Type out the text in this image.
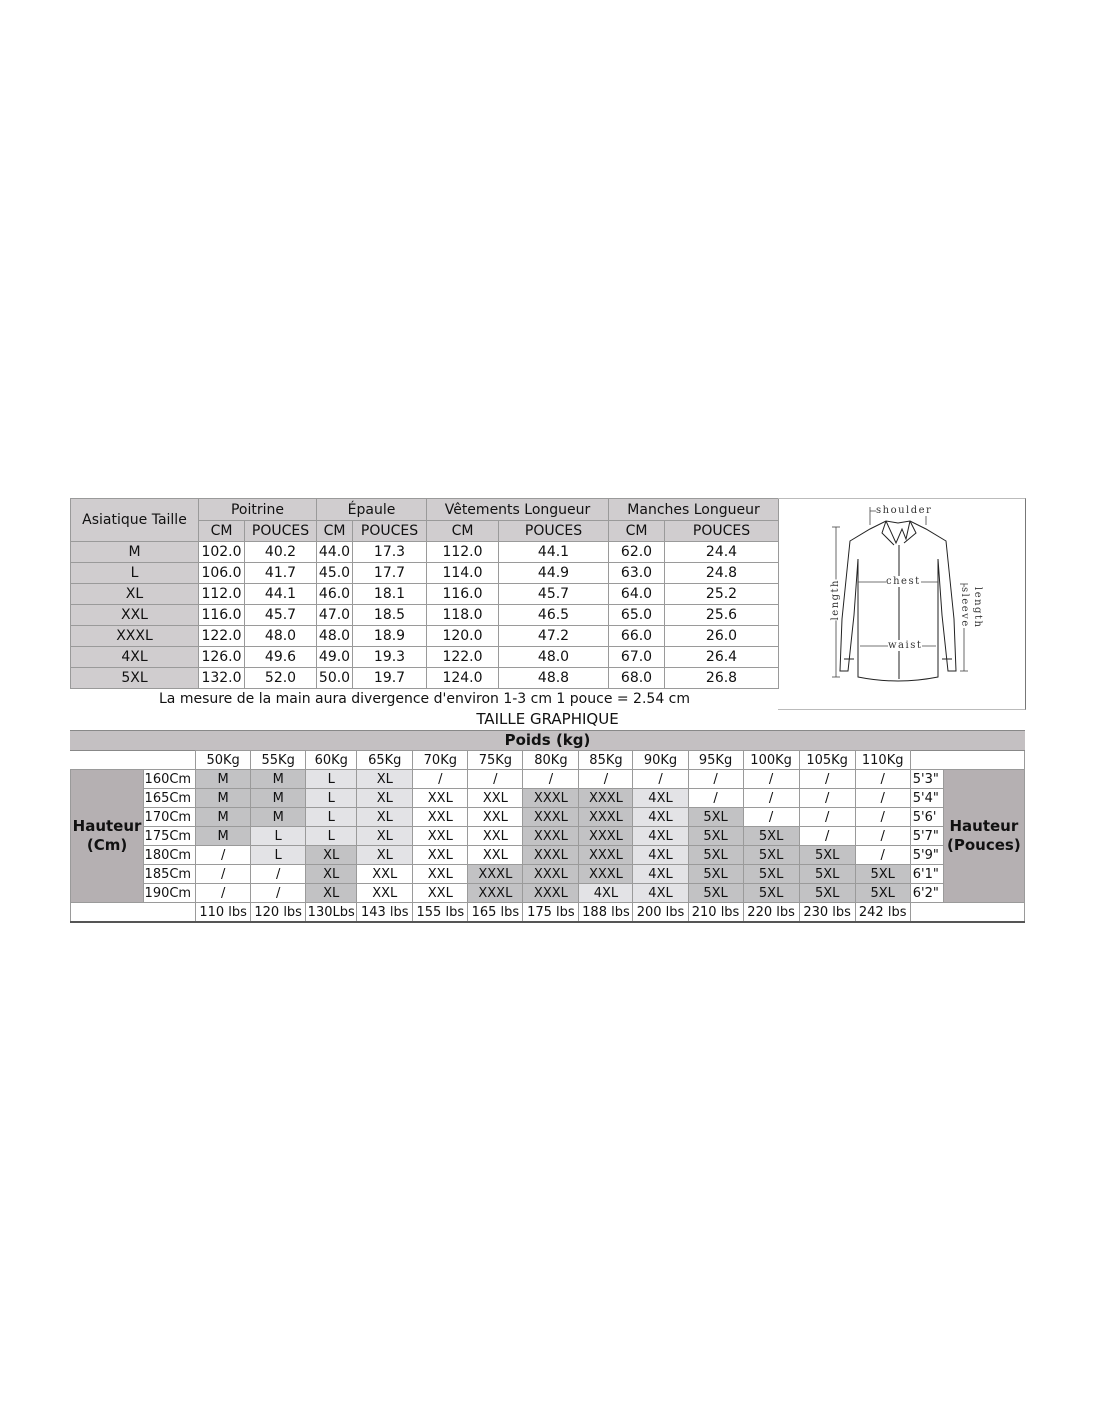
Asiatique Taille	Poitrine		Épaule		Vêtements Longueur		Manches Longueur	
	CM	POUCES	CM	POUCES	CM	POUCES	CM	POUCES
M	102.0	40.2	44.0	17.3	112.0	44.1	62.0	24.4
L	106.0	41.7	45.0	17.7	114.0	44.9	63.0	24.8
XL	112.0	44.1	46.0	18.1	116.0	45.7	64.0	25.2
XXL	116.0	45.7	47.0	18.5	118.0	46.5	65.0	25.6
XXXL	122.0	48.0	48.0	18.9	120.0	47.2	66.0	26.0
4XL	126.0	49.6	49.0	19.3	122.0	48.0	67.0	26.4
5XL	132.0	52.0	50.0	19.7	124.0	48.8	68.0	26.8
La mesure de la main aura divergence d'environ 1-3 cm 1 pouce = 2.54 cm								
shoulder
chest
waist
length	sleeve length
TAILLE GRAPHIQUE
Poids (kg)
		50Kg	55Kg	60Kg	65Kg	70Kg	75Kg	80Kg	85Kg	90Kg	95Kg	100Kg	105Kg	110Kg		
Hauteur (Cm)	160Cm	M	M	L	XL	/	/	/	/	/	/	/	/	/	5'3"	Hauteur (Pouces)
	165Cm	M	M	L	XL	XXL	XXL	XXXL	XXXL	4XL	/	/	/	/	5'4"	
	170Cm	M	M	L	XL	XXL	XXL	XXXL	XXXL	4XL	5XL	/	/	/	5'6'	
	175Cm	M	L	L	XL	XXL	XXL	XXXL	XXXL	4XL	5XL	5XL	/	/	5'7"	
	180Cm	/	L	XL	XL	XXL	XXL	XXXL	XXXL	4XL	5XL	5XL	5XL	/	5'9"	
	185Cm	/	/	XL	XXL	XXL	XXXL	XXXL	XXXL	4XL	5XL	5XL	5XL	5XL	6'1"	
	190Cm	/	/	XL	XXL	XXL	XXXL	XXXL	4XL	4XL	5XL	5XL	5XL	5XL	6'2"	
		110 lbs	120 lbs	130Lbs	143 lbs	155 lbs	165 lbs	175 lbs	188 lbs	200 lbs	210 lbs	220 lbs	230 lbs	242 lbs		
